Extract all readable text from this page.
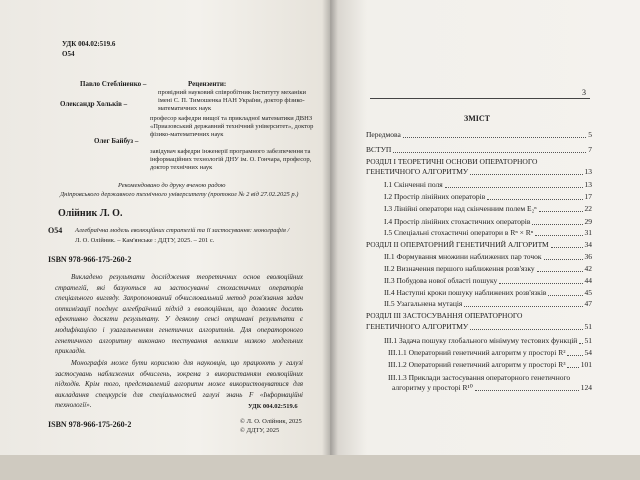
УДК 004.02:519.6
О54
Рецензенти:
Павло Стебліненко –
провідний науковий співробітник Інституту механіки
імені С. П. Тимошенка НАН України, доктор фізико-
математичних наук
Олександр Хольків –
професор кафедри вищої та прикладної математики ДВНЗ
«Приазовський державний технічний університет», доктор
фізико-математичних наук
Олег Байбуз –
завідувач кафедри інженерії програмного забезпечення та
інформаційних технологій ДНУ ім. О. Гончара, професор,
доктор технічних наук
Рекомендовано до друку вченою радою
Дніпровського державного технічного університету (протокол № 2 від 27.02.2025 р.)
Олійник Л. О.
О54 Алгебраїчна модель еволюційних стратегій та її застосування: монографія /
Л. О. Олійник. – Кам'янське : ДДТУ, 2025. – 201 с.
ISBN 978-966-175-260-2
Викладено результати дослідження теоретичних основ еволюційних стратегій, які базуються на застосуванні стохастичних операторів спеціального вигляду. Запропонований обчислювальний метод розв'язання задач оптимізації поєднує алгебраїчний підхід з еволюційним, що дозволяє досить ефективно досягти результату. У деякому сенсі отримані результати є модифікацією і узагальненням генетичних алгоритмів. Для оператороного генетичного алгоритму виконано тестування великим низкою модельних прикладів.
Монографія може бути корисною для науковців, що працюють у галузі застосувань наближених обчислень, зокрема з використанням еволюційних підходів. Крім того, представлений алгоритм може використовуватися для викладання спецкурсів для спеціальностей галузі знань F «Інформаційні технології».	УДК 004.02:519.6
ISBN 978-966-175-260-2	© Л. О. Олійник, 2025
© ДДТУ, 2025
3
ЗМІСТ
Передмова	5
ВСТУП	7
РОЗДІЛ І ТЕОРЕТИЧНІ ОСНОВИ ОПЕРАТОРНОГО
ГЕНЕТИЧНОГО АЛГОРИТМУ	13
І.1 Скінченні поля	13
І.2 Простір лінійних операторів	17
І.3 Лінійні оператори над скінченним полем E₂ⁿ	22
І.4 Простір лінійних стохастичних операторів	29
І.5 Спеціальні стохастичні оператори в Rⁿ × Rⁿ	31
РОЗДІЛ ІІ ОПЕРАТОРНИЙ ГЕНЕТИЧНИЙ АЛГОРИТМ	34
ІІ.1 Формування множини наближених пар точок	36
ІІ.2 Визначення першого наближення розв'язку	42
ІІ.3 Побудова нової області пошуку	44
ІІ.4 Наступні кроки пошуку наближених розв'язків	45
ІІ.5 Узагальнена мутація	47
РОЗДІЛ ІІІ ЗАСТОСУВАННЯ ОПЕРАТОРНОГО
ГЕНЕТИЧНОГО АЛГОРИТМУ	51
ІІІ.1 Задача пошуку глобального мінімуму тестових функцій 51
ІІІ.1.1 Операторний генетичний алгоритм у просторі R²	54
ІІІ.1.2 Операторний генетичний алгоритм у просторі R³ 101
ІІІ.1.3 Приклади застосування операторного генетичного
алгоритму у просторі R¹⁰	124
